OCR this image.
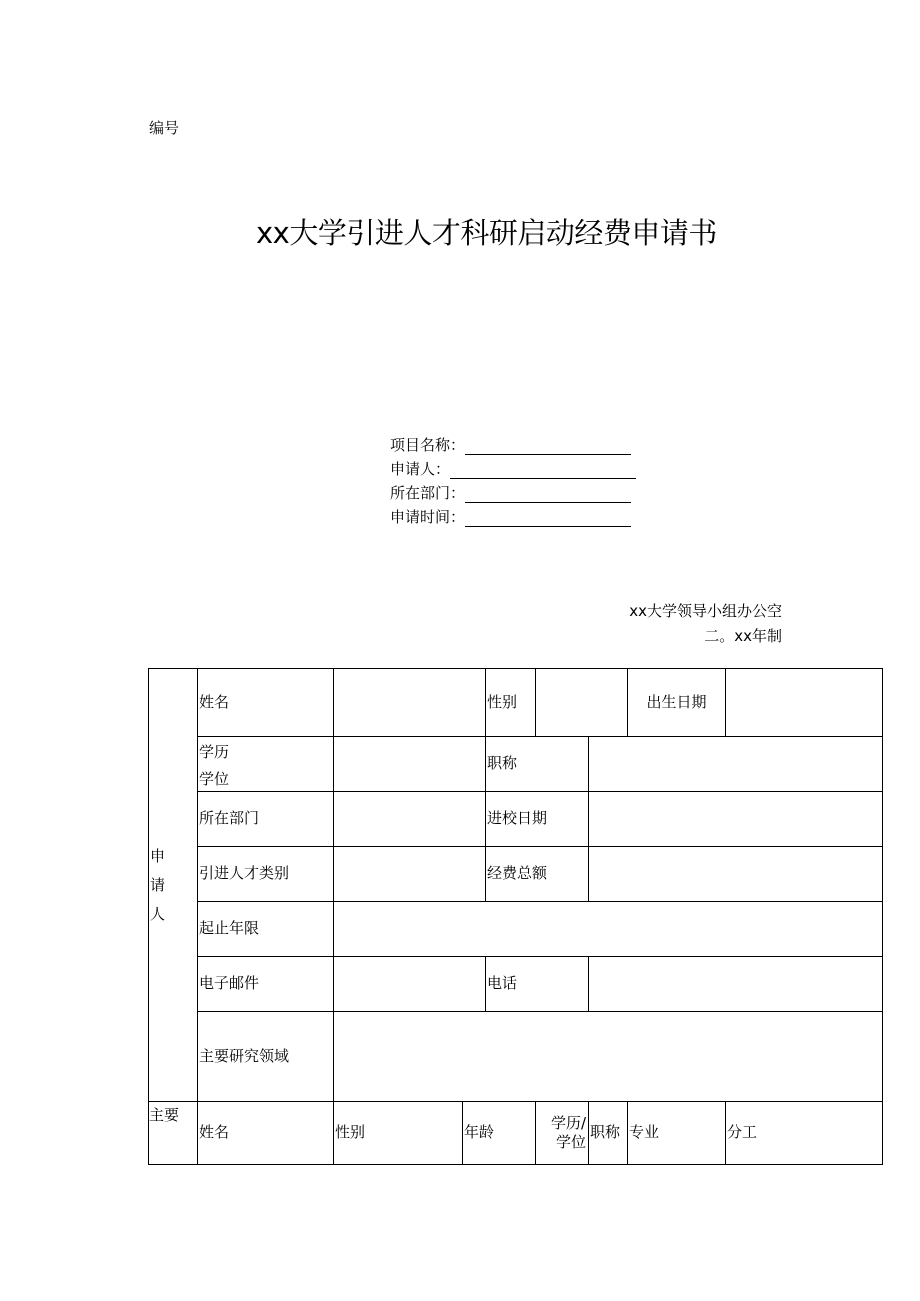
编号
xx大学引进人才科研启动经费申请书
项目名称：
申请人：
所在部门：
申请时间：
xx大学领导小组办公空
二。xx年制
申
请
人	姓名			性别			出生日期	

	学历
学位			职称				
	所在部门			进校日期				
	引进人才类别			经费总额				
	起止年限							
	电子邮件			电话				
	主要研究领域							
主要	姓名	性别	年龄		学历/学位	职称	专业	分工
